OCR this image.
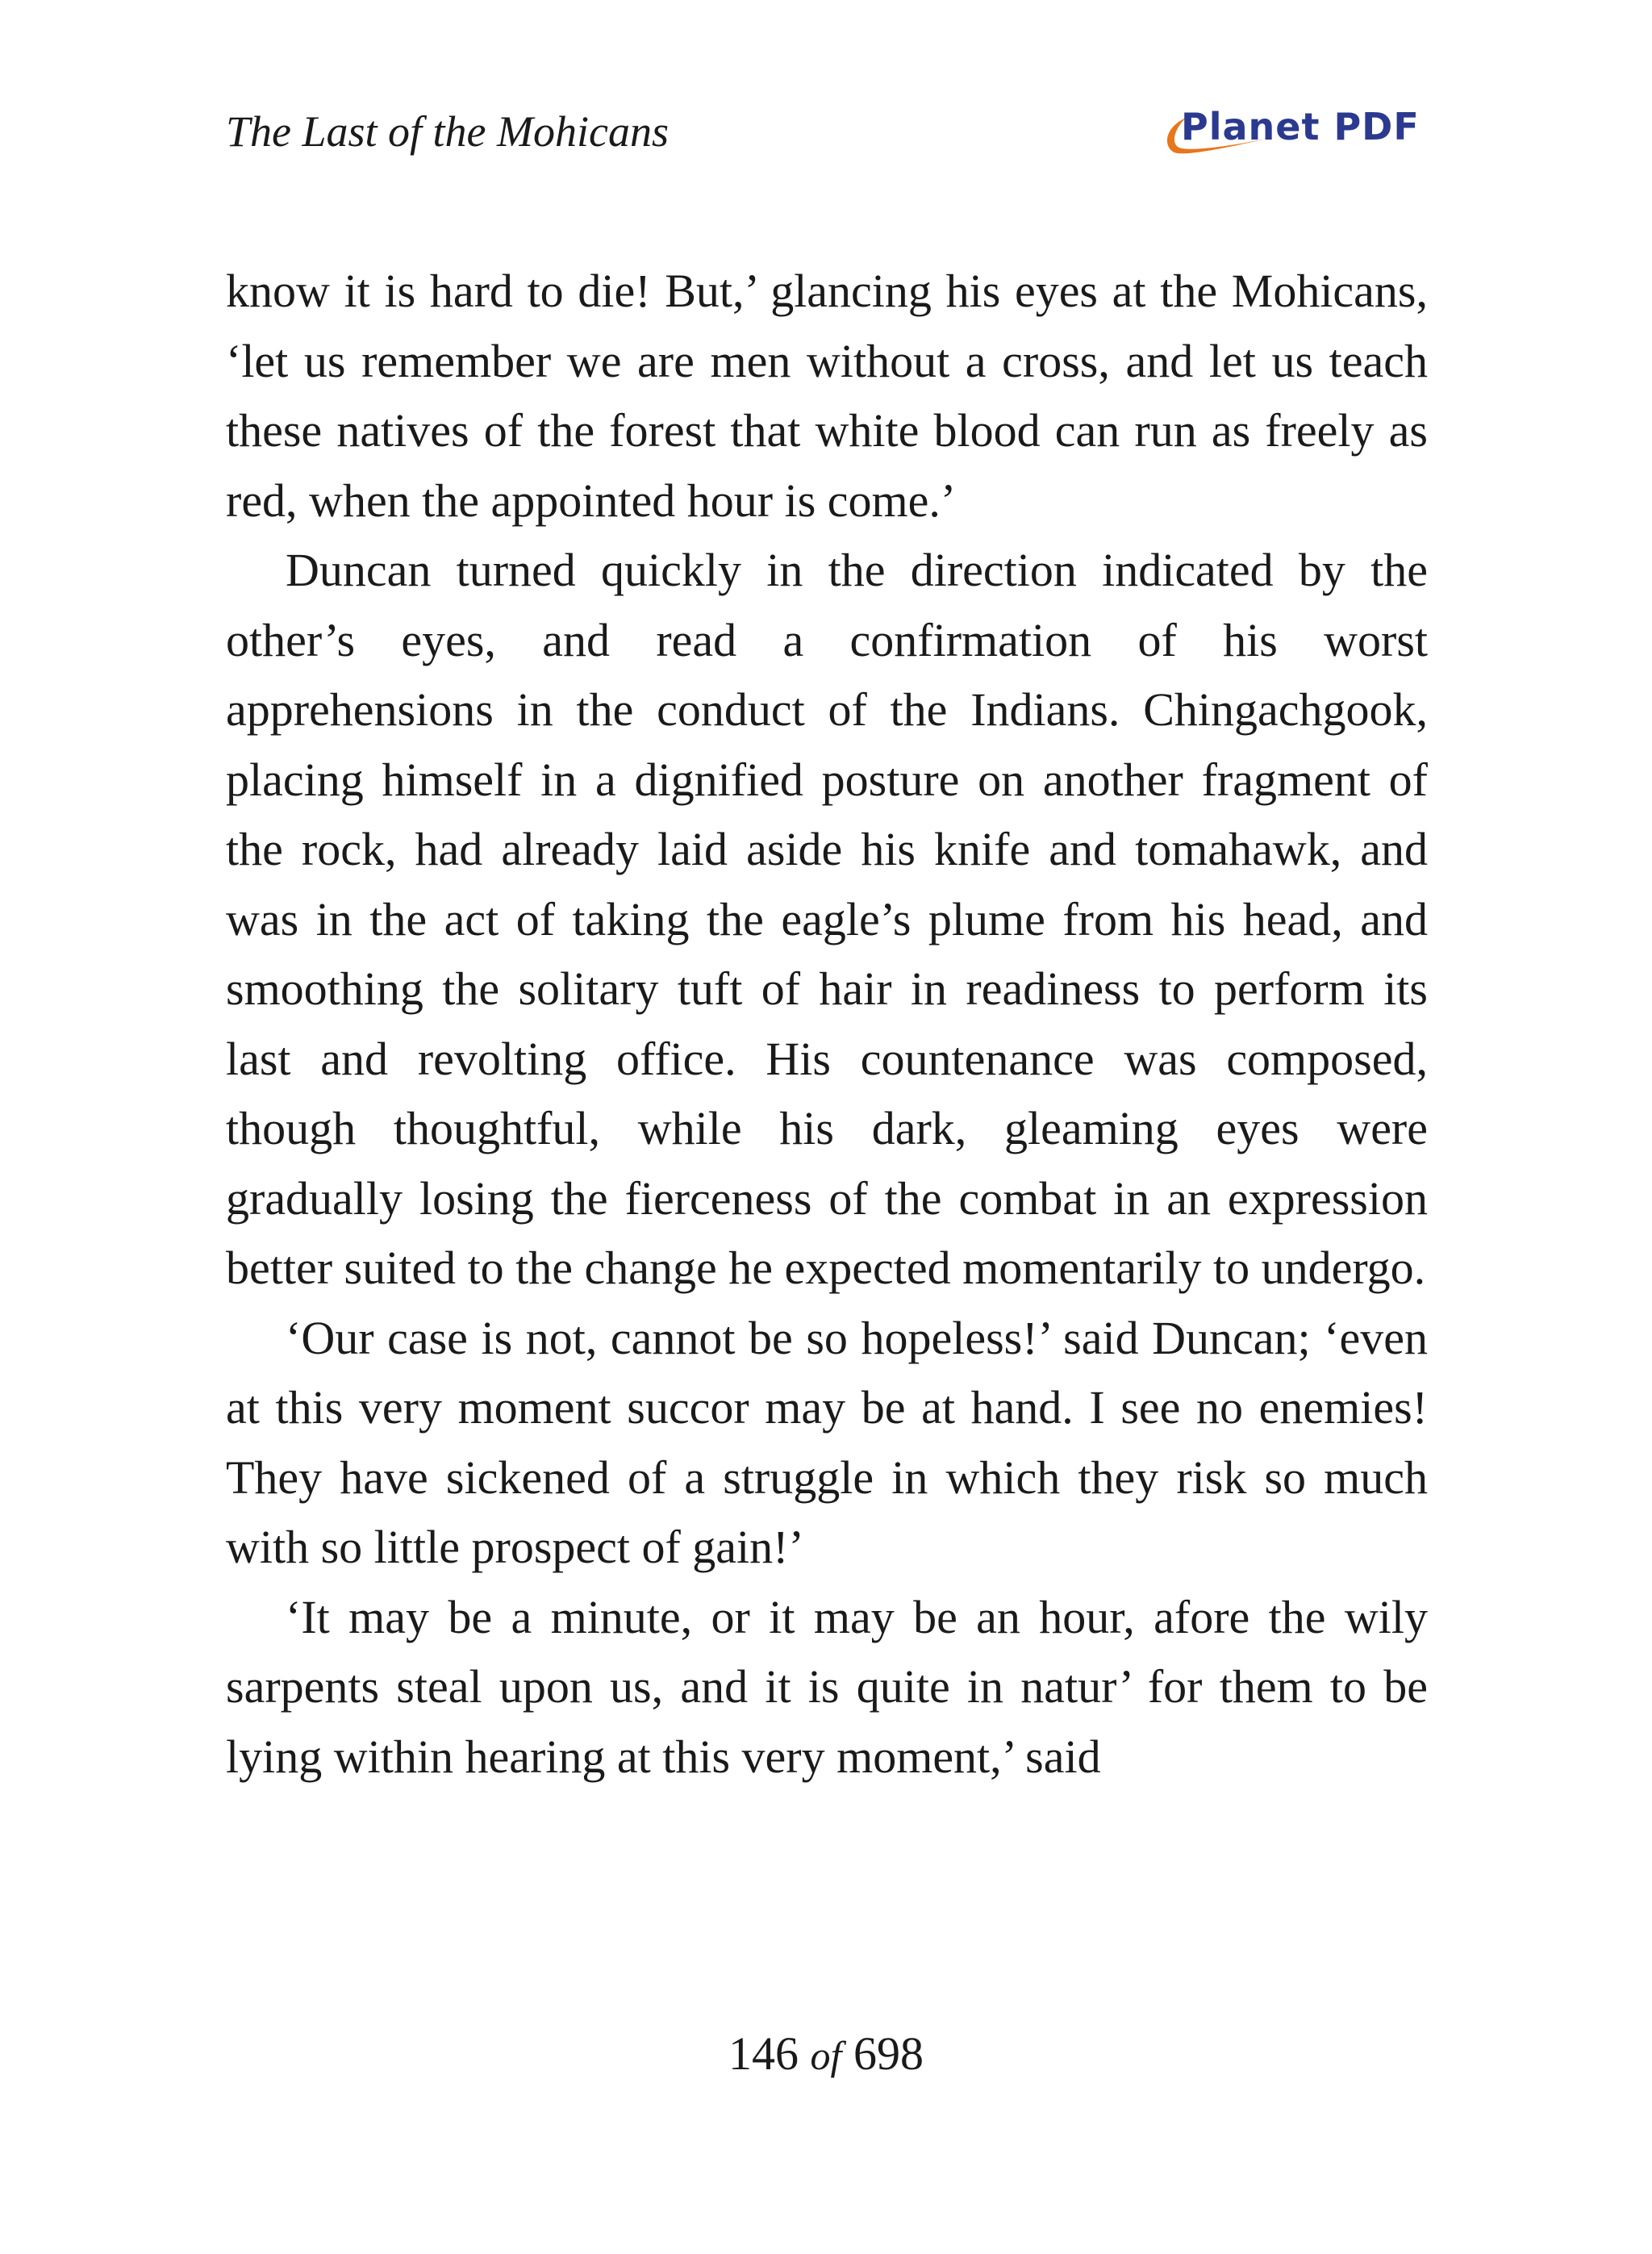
The Last of the Mohicans	Planet PDF

know it is hard to die! But,’ glancing his eyes at the Mohicans, ‘let us remember we are men without a cross, and let us teach these natives of the forest that white blood can run as freely as red, when the appointed hour is come.’

Duncan turned quickly in the direction indicated by the other’s eyes, and read a confirmation of his worst apprehensions in the conduct of the Indians. Chingachgook, placing himself in a dignified posture on another fragment of the rock, had already laid aside his knife and tomahawk, and was in the act of taking the eagle’s plume from his head, and smoothing the solitary tuft of hair in readiness to perform its last and revolting office. His countenance was composed, though thoughtful, while his dark, gleaming eyes were gradually losing the fierceness of the combat in an expression better suited to the change he expected momentarily to undergo.

‘Our case is not, cannot be so hopeless!’ said Duncan; ‘even at this very moment succor may be at hand. I see no enemies! They have sickened of a struggle in which they risk so much with so little prospect of gain!’

‘It may be a minute, or it may be an hour, afore the wily sarpents steal upon us, and it is quite in natur’ for them to be lying within hearing at this very moment,’ said

146 of 698
